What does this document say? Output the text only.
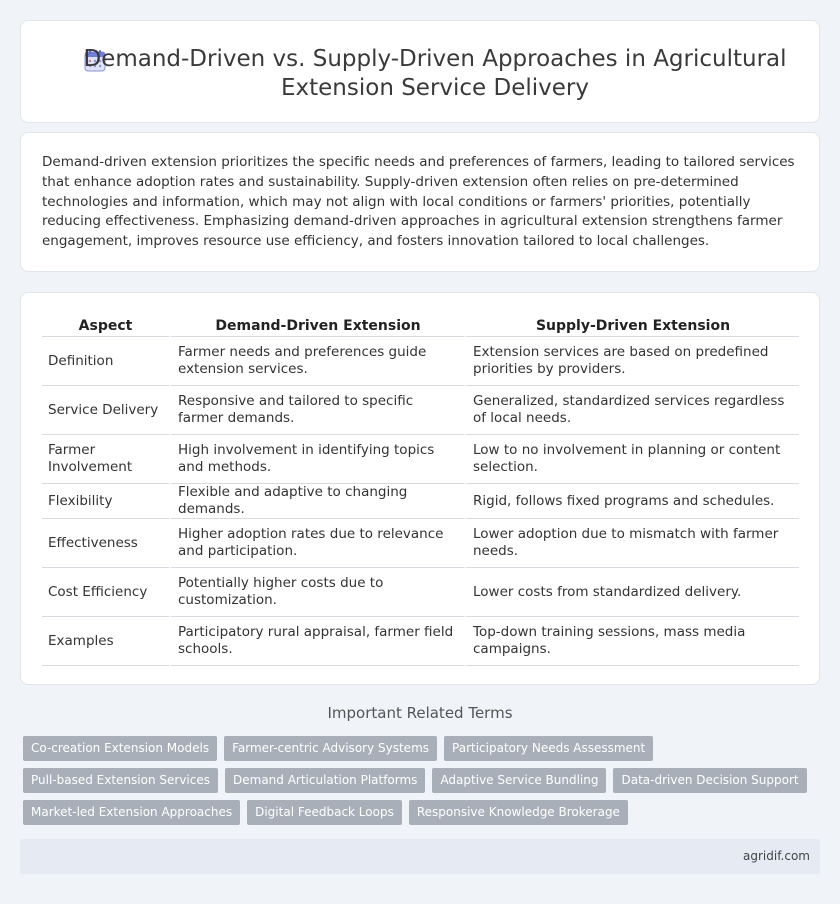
Demand-Driven vs. Supply-Driven Approaches in Agricultural Extension Service Delivery

Demand-driven extension prioritizes the specific needs and preferences of farmers, leading to tailored services that enhance adoption rates and sustainability. Supply-driven extension often relies on pre-determined technologies and information, which may not align with local conditions or farmers' priorities, potentially reducing effectiveness. Emphasizing demand-driven approaches in agricultural extension strengthens farmer engagement, improves resource use efficiency, and fosters innovation tailored to local challenges.

Aspect	Demand-Driven Extension	Supply-Driven Extension
Definition	Farmer needs and preferences guide extension services.	Extension services are based on predefined priorities by providers.
Service Delivery	Responsive and tailored to specific farmer demands.	Generalized, standardized services regardless of local needs.
Farmer Involvement	High involvement in identifying topics and methods.	Low to no involvement in planning or content selection.
Flexibility	Flexible and adaptive to changing demands.	Rigid, follows fixed programs and schedules.
Effectiveness	Higher adoption rates due to relevance and participation.	Lower adoption due to mismatch with farmer needs.
Cost Efficiency	Potentially higher costs due to customization.	Lower costs from standardized delivery.
Examples	Participatory rural appraisal, farmer field schools.	Top-down training sessions, mass media campaigns.
Important Related Terms
Co-creation Extension Models	Farmer-centric Advisory Systems	Participatory Needs Assessment
Pull-based Extension Services	Demand Articulation Platforms	Adaptive Service Bundling	Data-driven Decision Support
Market-led Extension Approaches	Digital Feedback Loops	Responsive Knowledge Brokerage
agridif.com
